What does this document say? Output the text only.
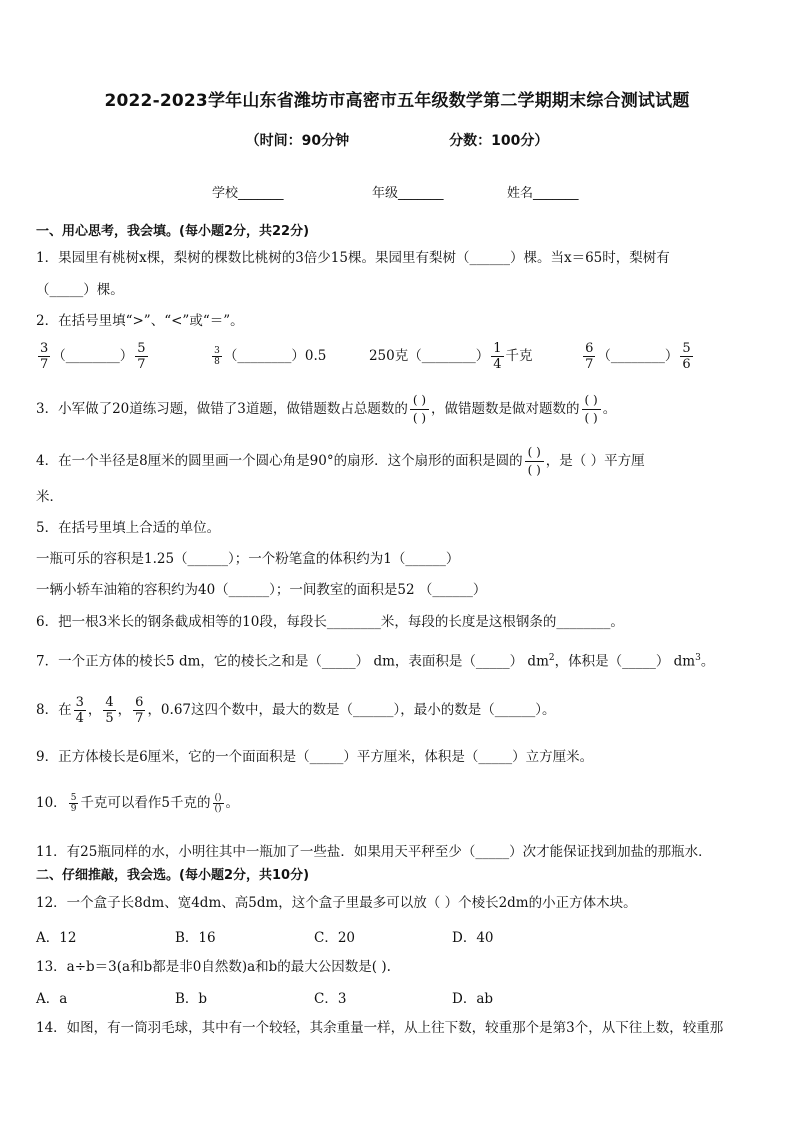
2022-2023学年山东省潍坊市高密市五年级数学第二学期期末综合测试试题
（时间：90分钟	分数：100分）
学校_______	年级_______	姓名_______
一、用心思考，我会填。(每小题2分，共22分)
1．果园里有桃树x棵，梨树的棵数比桃树的3倍少15棵。果园里有梨树（______）棵。当x＝65时，梨树有
（_____）棵。
2．在括号里填“>”、“<”或“＝”。
$\frac{3}{7}$ （________） $\frac{5}{7}$
	$\frac{3}{8}$ （________）0.5	250克（________） $\frac{1}{4}$ 千克	$\frac{6}{7}$ （________） $\frac{5}{6}$
3．小军做了20道练习题，做错了3道题，做错题数占总题数的 $\frac{( )}{( )}$ ，做错题数是做对题数的 $\frac{( )}{( )}$ 。
4．在一个半径是8厘米的圆里画一个圆心角是90°的扇形．这个扇形的面积是圆的 $\frac{( )}{( )}$ ，是（ ）平方厘
米．
5．在括号里填上合适的单位。
一瓶可乐的容积是1.25（______）；一个粉笔盒的体积约为1（______）
一辆小轿车油箱的容积约为40（______）；一间教室的面积是52 （______）
6．把一根3米长的钢条截成相等的10段，每段长________米，每段的长度是这根钢条的________。
7．一个正方体的棱长5 dm，它的棱长之和是（_____） dm，表面积是（_____） $dm^2$，体积是（_____） $dm^3$。
8．在 $\frac{3}{4}$ ， $\frac{4}{5}$ ， $\frac{6}{7}$ ，0.67这四个数中，最大的数是（______），最小的数是（______）。
9．正方体棱长是6厘米，它的一个面面积是（_____）平方厘米，体积是（_____）立方厘米。
10． $\frac{5}{9}$ 千克可以看作5千克的 $\frac{()}{()}$ 。
11．有25瓶同样的水，小明往其中一瓶加了一些盐．如果用天平秤至少（_____）次才能保证找到加盐的那瓶水．
二、仔细推敲，我会选。(每小题2分，共10分)
12．一个盒子长8dm、宽4dm、高5dm，这个盒子里最多可以放（ ）个棱长2dm的小正方体木块。
A．12	B．16	C．20	D．40
13．a÷b＝3(a和b都是非0自然数)a和b的最大公因数是( ).
A．a	B．b	C．3	D．ab
14．如图，有一筒羽毛球，其中有一个较轻，其余重量一样，从上往下数，较重那个是第3个，从下往上数，较重那
